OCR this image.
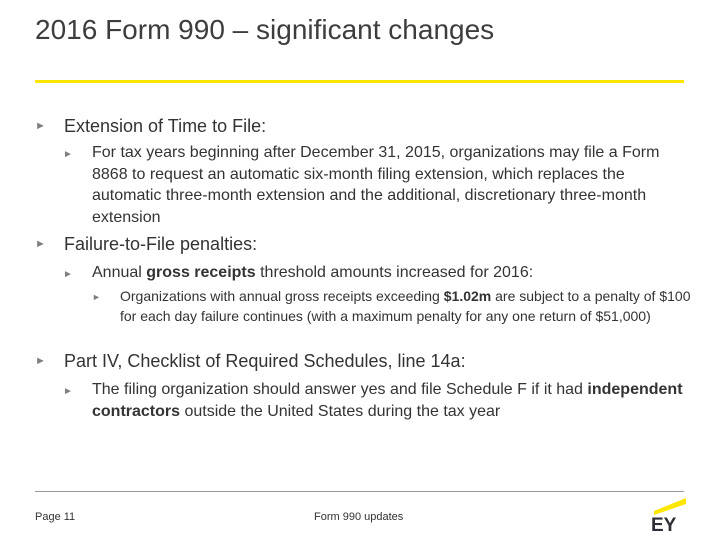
2016 Form 990 – significant changes
►	Extension of Time to File:
►	For tax years beginning after December 31, 2015, organizations may file a Form 8868 to request an automatic six-month filing extension, which replaces the automatic three-month extension and the additional, discretionary three-month extension
►	Failure-to-File penalties:
►	Annual gross receipts threshold amounts increased for 2016:
►	Organizations with annual gross receipts exceeding $1.02m are subject to a penalty of $100 for each day failure continues (with a maximum penalty for any one return of $51,000)
►	Part IV, Checklist of Required Schedules, line 14a:
►	The filing organization should answer yes and file Schedule F if it had independent contractors outside the United States during the tax year
Page 11	Form 990 updates	EY
